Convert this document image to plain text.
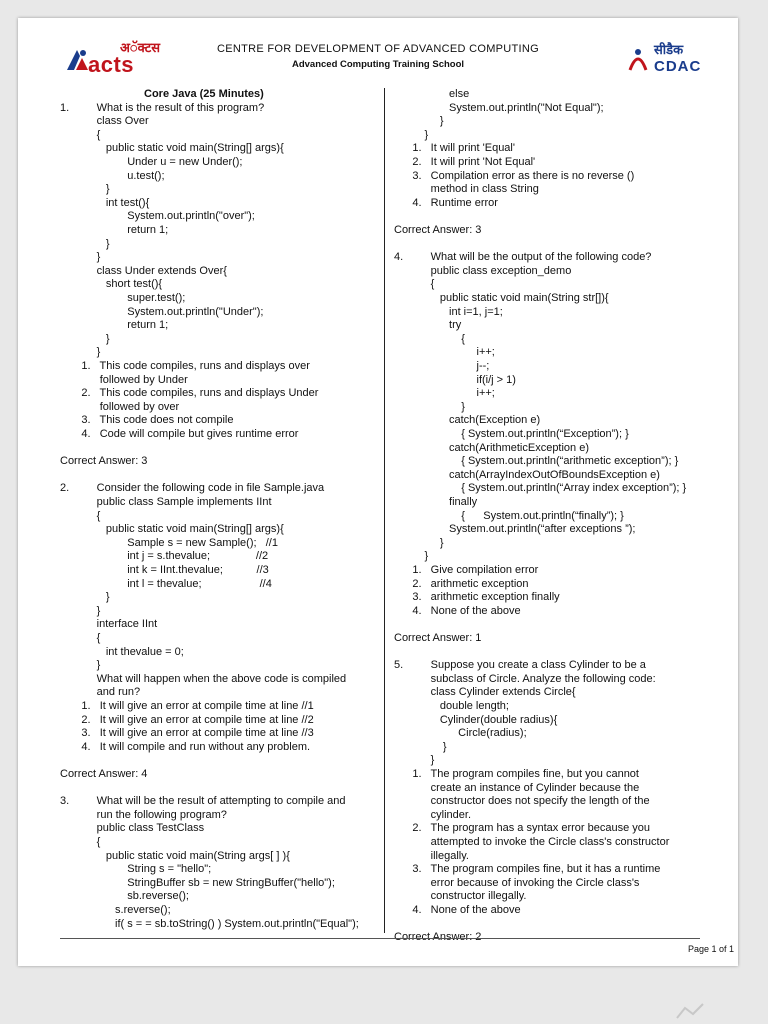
अॅक्टस
acts
CENTRE FOR DEVELOPMENT OF ADVANCED COMPUTING
Advanced Computing Training School
सीडैक
CDAC
Core Java (25 Minutes)
1.         What is the result of this program?
class Over
{
public static void main(String[] args){
Under u = new Under();
u.test();
}
int test(){
System.out.println("over");
return 1;
}
}
class Under extends Over{
short test(){
super.test();
System.out.println("Under");
return 1;
}
}
1.   This code compiles, runs and displays over
followed by Under
2.   This code compiles, runs and displays Under
followed by over
3.   This code does not compile
4.   Code will compile but gives runtime error
Correct Answer: 3
2.         Consider the following code in file Sample.java
public class Sample implements IInt
{
public static void main(String[] args){
Sample s = new Sample();   //1
int j = s.thevalue;               //2
int k = IInt.thevalue;           //3
int l = thevalue;                   //4
}
}
interface IInt
{
int thevalue = 0;
}
What will happen when the above code is compiled
and run?
1.   It will give an error at compile time at line //1
2.   It will give an error at compile time at line //2
3.   It will give an error at compile time at line //3
4.   It will compile and run without any problem.
Correct Answer: 4
3.         What will be the result of attempting to compile and
run the following program?
public class TestClass
{
public static void main(String args[ ] ){
String s = "hello";
StringBuffer sb = new StringBuffer("hello");
sb.reverse();
s.reverse();
if( s = = sb.toString() ) System.out.println("Equal");
else
System.out.println("Not Equal");
}
}
1.   It will print 'Equal'
2.   It will print 'Not Equal'
3.   Compilation error as there is no reverse ()
method in class String
4.   Runtime error
Correct Answer: 3
4.         What will be the output of the following code?
public class exception_demo
{
public static void main(String str[]){
int i=1, j=1;
try
{
i++;
j--;
if(i/j > 1)
i++;
}
catch(Exception e)
{ System.out.println(“Exception”); }
catch(ArithmeticException e)
{ System.out.println(“arithmetic exception”); }
catch(ArrayIndexOutOfBoundsException e)
{ System.out.println(“Array index exception”); }
finally
{      System.out.println(“finally”); }
System.out.println(“after exceptions ”);
}
}
1.   Give compilation error
2.   arithmetic exception
3.   arithmetic exception finally
4.   None of the above
Correct Answer: 1
5.         Suppose you create a class Cylinder to be a
subclass of Circle. Analyze the following code:
class Cylinder extends Circle{
double length;
Cylinder(double radius){
Circle(radius);
}
}
1.   The program compiles fine, but you cannot
create an instance of Cylinder because the
constructor does not specify the length of the
cylinder.
2.   The program has a syntax error because you
attempted to invoke the Circle class's constructor
illegally.
3.   The program compiles fine, but it has a runtime
error because of invoking the Circle class's
constructor illegally.
4.   None of the above
Page 1 of 1
